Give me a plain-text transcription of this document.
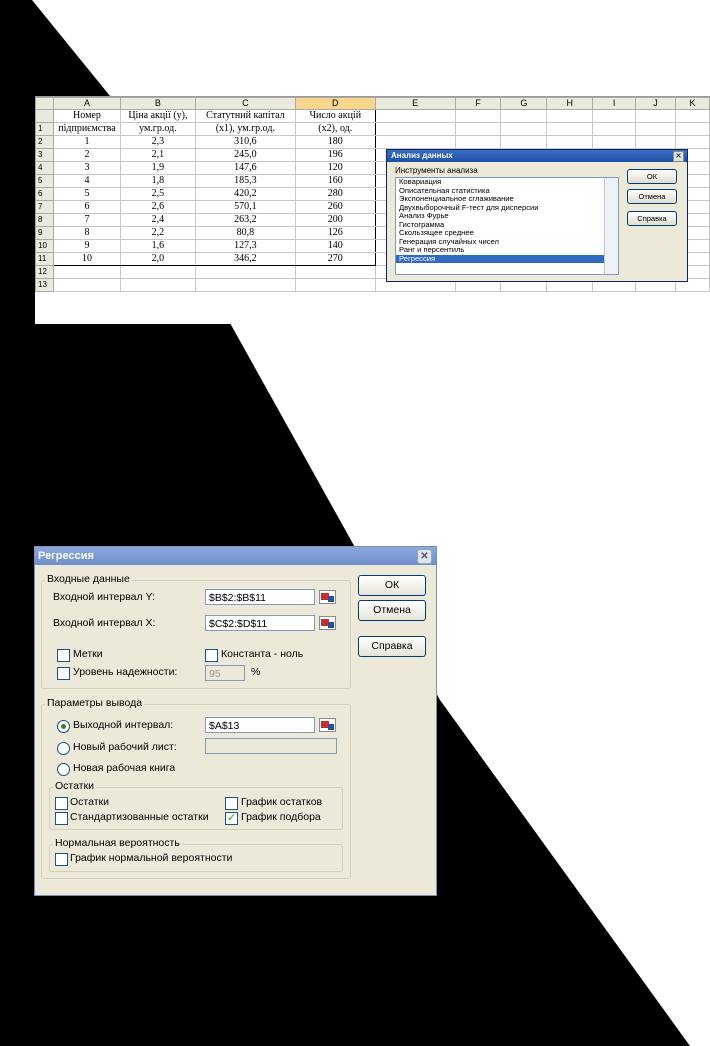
	A	B	C	D	E	F	G	H	I	J	K
	Номер	Ціна акції (y),	Статутний капітал	Число акцій							
1	підприємства	ум.гр.од.	(x1), ум.гр.од.	(x2), од.							
2	1	2,3	310,6	180							
3	2	2,1	245,0	196							
4	3	1,9	147,6	120							
5	4	1,8	185,3	160							
6	5	2,5	420,2	280							
7	6	2,6	570,1	260							
8	7	2,4	263,2	200							
9	8	2,2	80,8	126							
10	9	1,6	127,3	140							
11	10	2,0	346,2	270							
12											
13											
Анализ данных	✕
Инструменты анализа
Ковариация
Описательная статистика
Экспоненциальное сглаживание
Двухвыборочный F-тест для дисперсии
Анализ Фурье
Гистограмма
Скользящее среднее
Генерация случайных чисел
Ранг и персентиль
Регрессия
ОК
Отмена
Справка
Регрессия	✕
Входные данные
Входной интервал Y:	$B$2:$B$11
Входной интервал X:	$C$2:$D$11
Метки	Константа - ноль
Уровень надежности:	95	%
Параметры вывода
Выходной интервал:	$A$13
Новый рабочий лист:
Новая рабочая книга
Остатки
Остатки	График остатков
Стандартизованные остатки ✓	График подбора
Нормальная вероятность
График нормальной вероятности
ОК
Отмена
Справка
ŷ = 1,7967 + 0,0013x₁ + 0,0023x₂
